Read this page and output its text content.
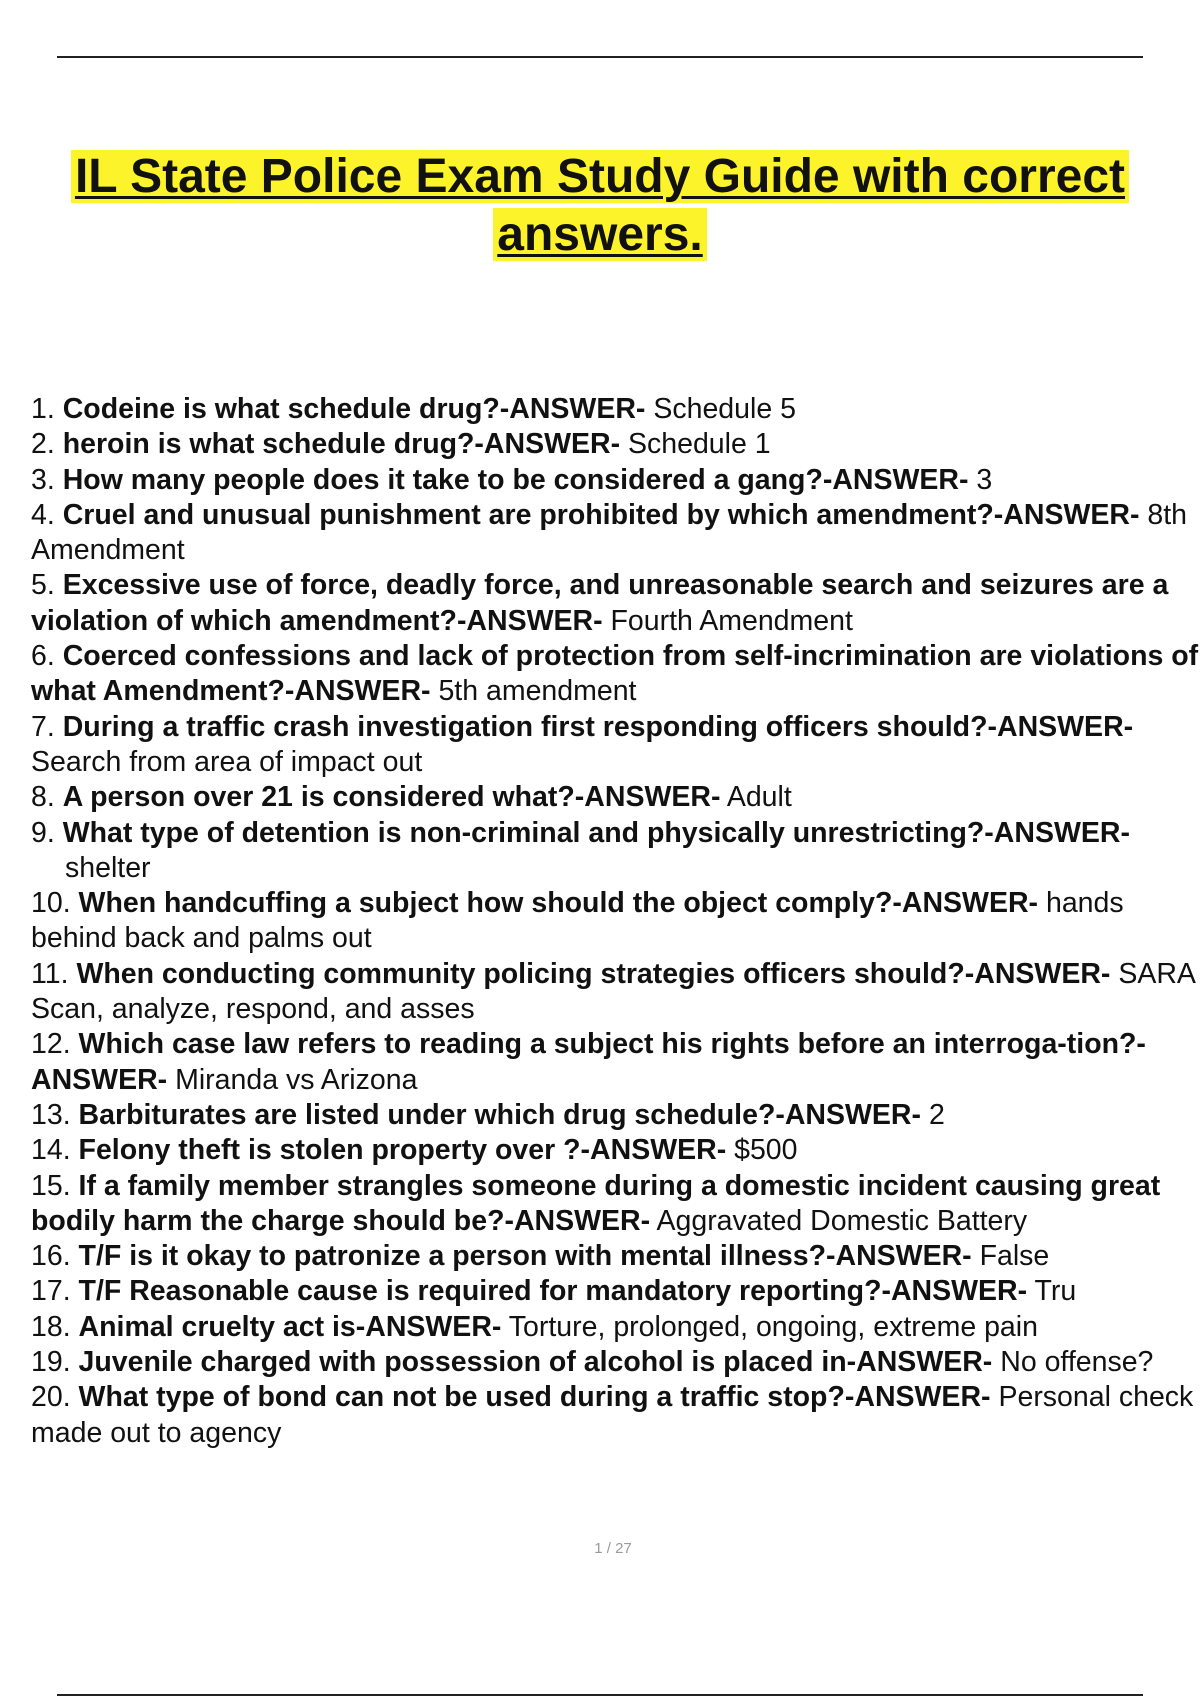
IL State Police Exam Study Guide with correct answers.
1. Codeine is what schedule drug?-ANSWER- Schedule 5
2. heroin is what schedule drug?-ANSWER- Schedule 1
3. How many people does it take to be considered a gang?-ANSWER- 3
4. Cruel and unusual punishment are prohibited by which amendment?-ANSWER- 8th Amendment
5. Excessive use of force, deadly force, and unreasonable search and seizures are a violation of which amendment?-ANSWER- Fourth Amendment
6. Coerced confessions and lack of protection from self-incrimination are violations of what Amendment?-ANSWER- 5th amendment
7. During a traffic crash investigation first responding officers should?-ANSWER- Search from area of impact out
8. A person over 21 is considered what?-ANSWER- Adult
9. What type of detention is non-criminal and physically unrestricting?-ANSWER- shelter
10. When handcuffing a subject how should the object comply?-ANSWER- hands behind back and palms out
11. When conducting community policing strategies officers should?-ANSWER- SARA Scan, analyze, respond, and asses
12. Which case law refers to reading a subject his rights before an interroga-tion?-ANSWER- Miranda vs Arizona
13. Barbiturates are listed under which drug schedule?-ANSWER- 2
14. Felony theft is stolen property over ?-ANSWER- $500
15. If a family member strangles someone during a domestic incident causing great bodily harm the charge should be?-ANSWER- Aggravated Domestic Battery
16. T/F is it okay to patronize a person with mental illness?-ANSWER- False
17. T/F Reasonable cause is required for mandatory reporting?-ANSWER- Tru
18. Animal cruelty act is-ANSWER- Torture, prolonged, ongoing, extreme pain
19. Juvenile charged with possession of alcohol is placed in-ANSWER- No offense?
20. What type of bond can not be used during a traffic stop?-ANSWER- Personal check made out to agency
1 / 27
